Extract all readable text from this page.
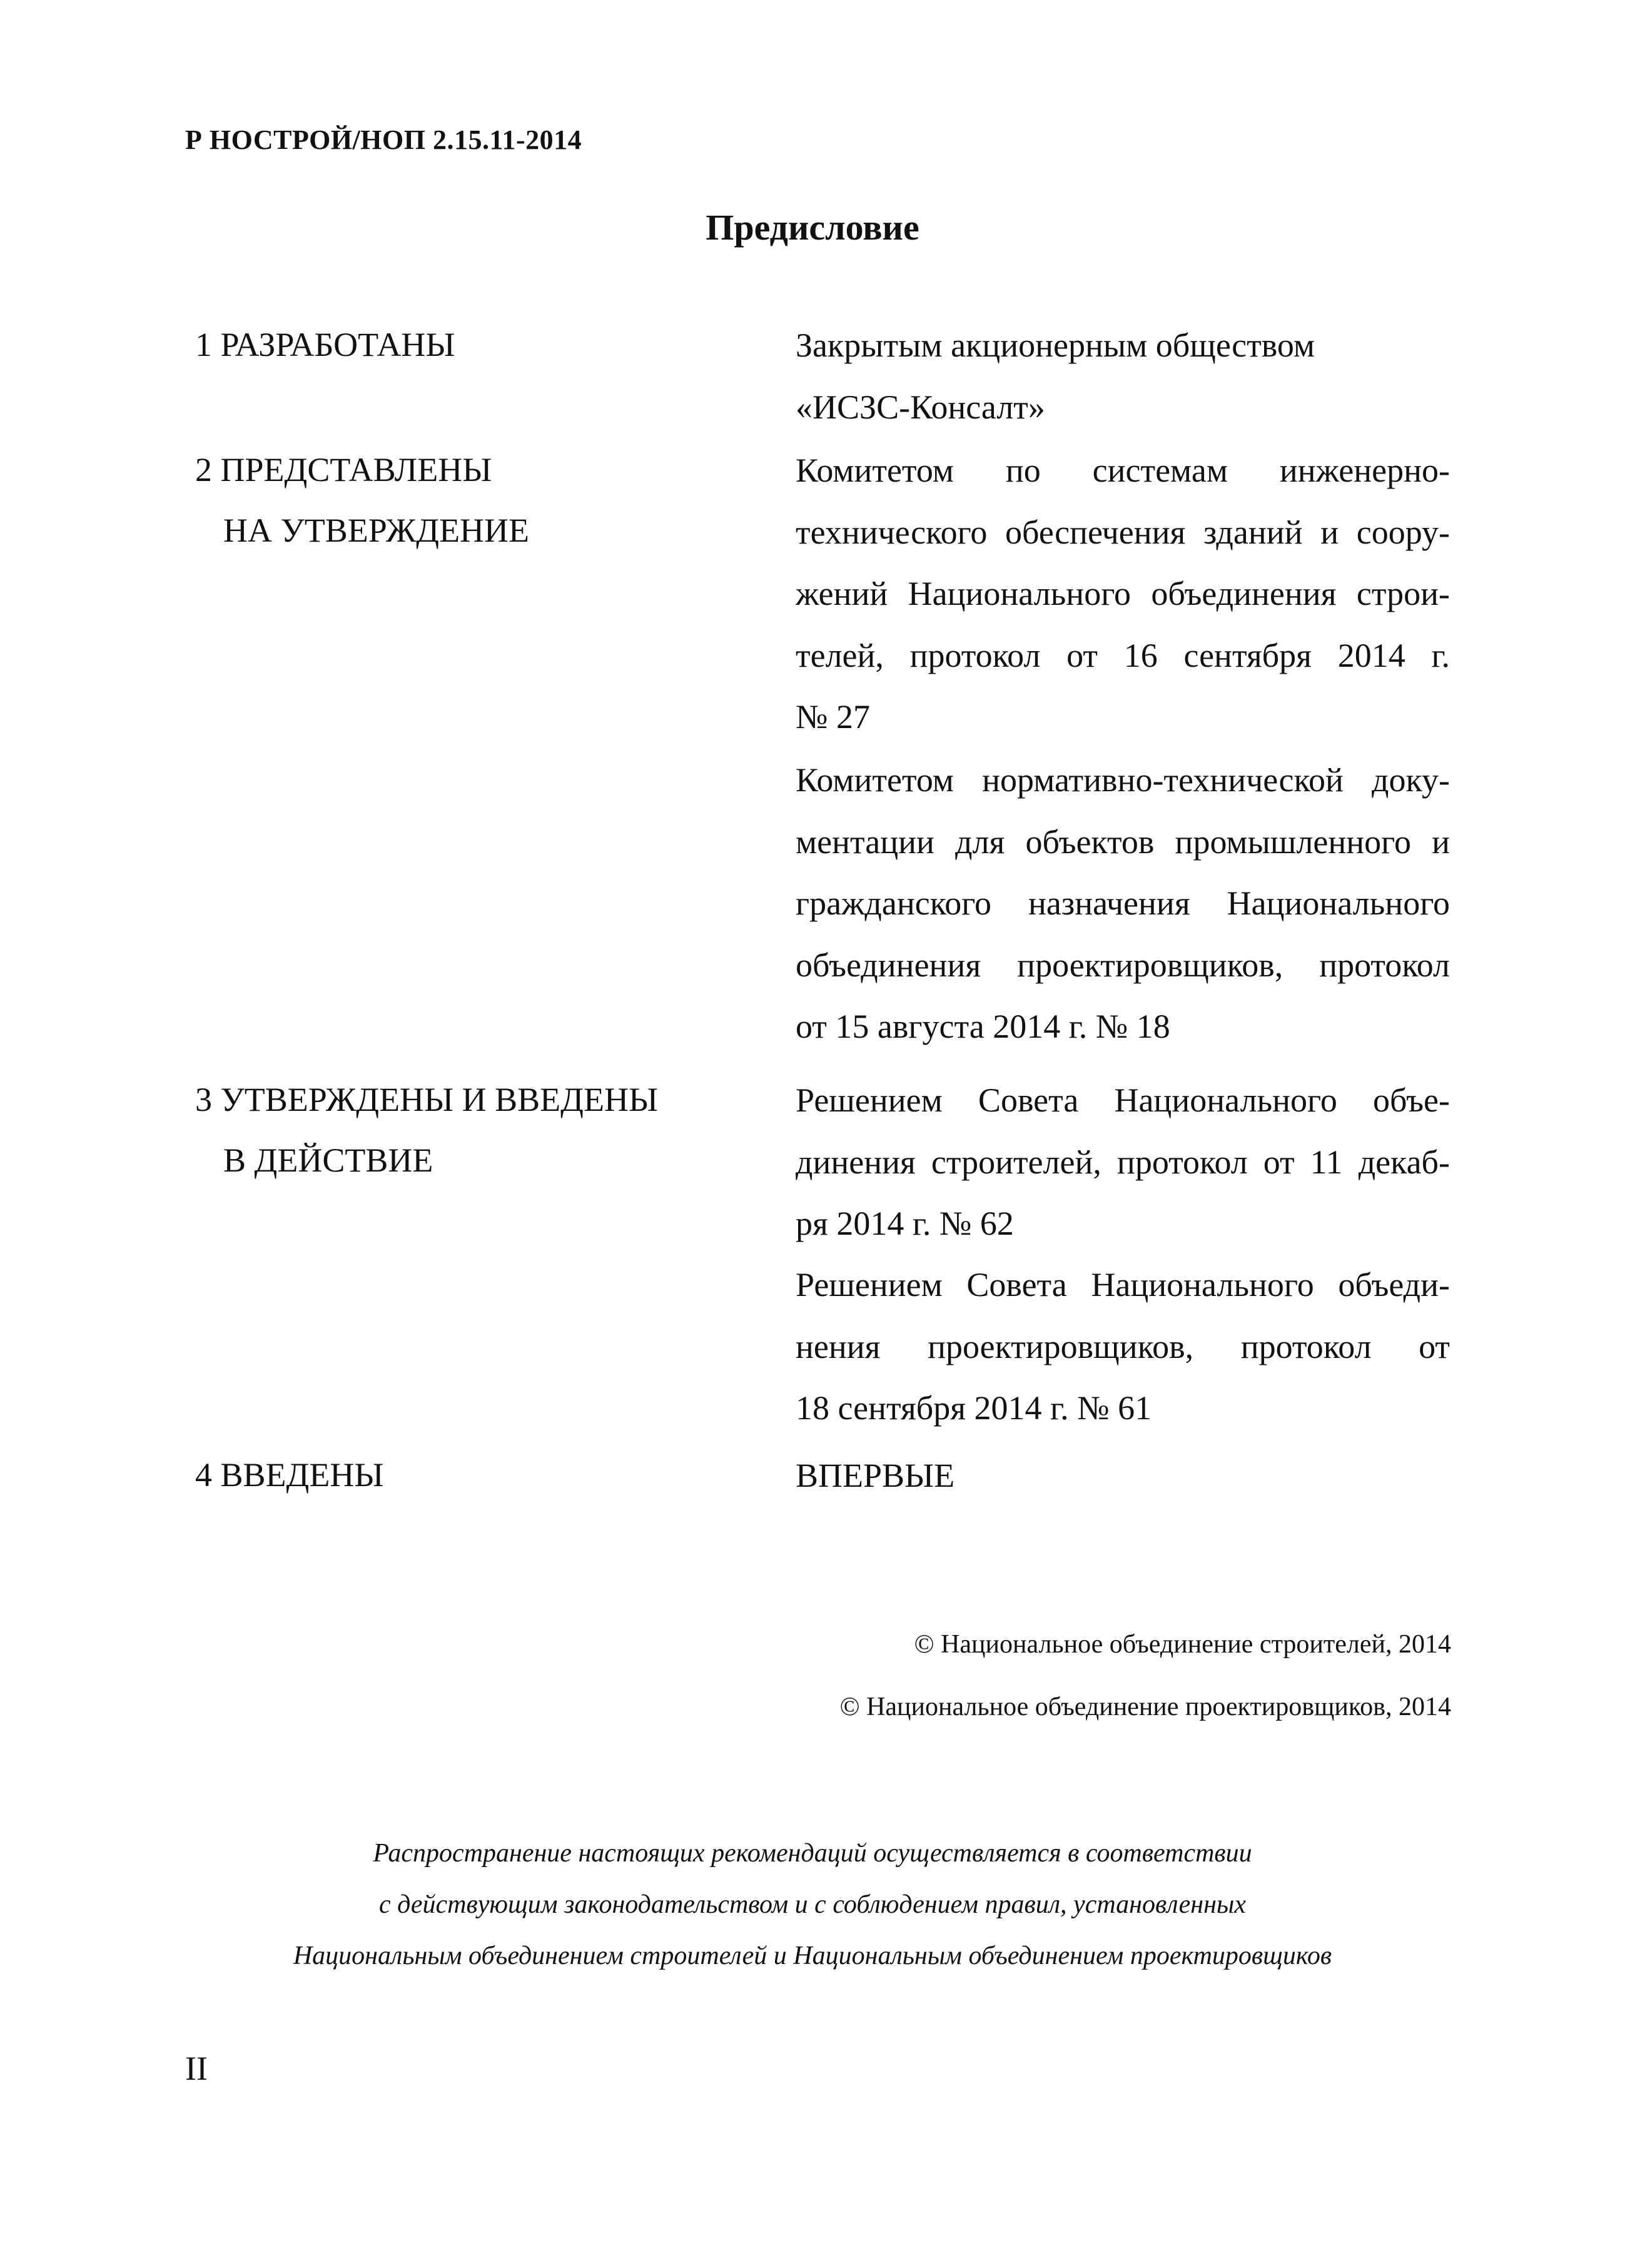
Р НОСТРОЙ/НОП 2.15.11-2014
Предисловие
1 РАЗРАБОТАНЫ	Закрытым акционерным обществом

«ИСЗС-Консалт»

2 ПРЕДСТАВЛЕНЫ
НА УТВЕРЖДЕНИЕ

Комитетом по системам инженерно-

технического обеспечения зданий и соору-

жений Национального объединения строи-

телей, протокол от 16 сентября 2014 г.

№ 27

Комитетом нормативно-технической доку-

ментации для объектов промышленного и

гражданского назначения Национального

объединения проектировщиков, протокол

от 15 августа 2014 г. № 18

3 УТВЕРЖДЕНЫ И ВВЕДЕНЫ
В ДЕЙСТВИЕ

Решением Совета Национального объе-

динения строителей, протокол от 11 декаб-

ря 2014 г. № 62

Решением Совета Национального объеди-

нения проектировщиков, протокол от

18 сентября 2014 г. № 61

4 ВВЕДЕНЫ	ВПЕРВЫЕ

© Национальное объединение строителей, 2014
© Национальное объединение проектировщиков, 2014
Распространение настоящих рекомендаций осуществляется в соответствии
с действующим законодательством и с соблюдением правил, установленных
Национальным объединением строителей и Национальным объединением проектировщиков
II
